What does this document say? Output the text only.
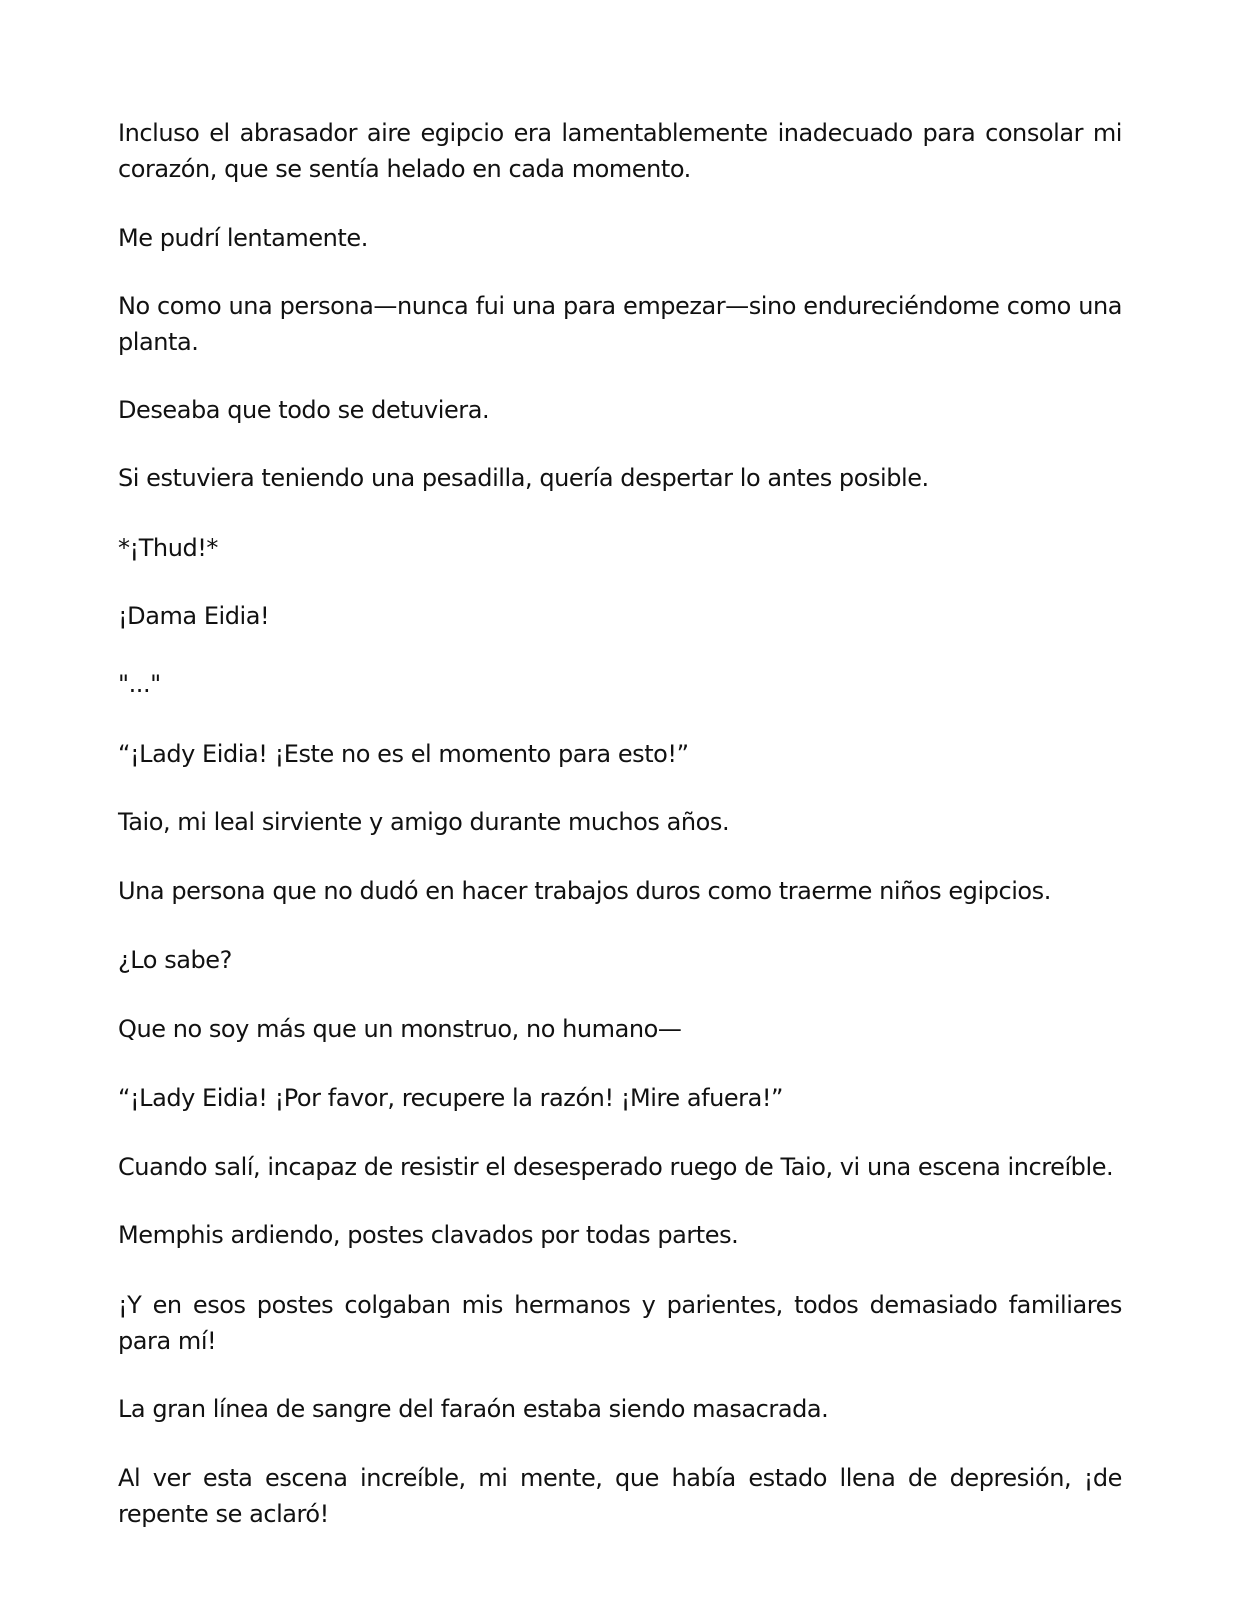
Incluso el abrasador aire egipcio era lamentablemente inadecuado para consolar mi corazón, que se sentía helado en cada momento.

Me pudrí lentamente.

No como una persona—nunca fui una para empezar—sino endureciéndome como una planta.

Deseaba que todo se detuviera.

Si estuviera teniendo una pesadilla, quería despertar lo antes posible.

*¡Thud!*

¡Dama Eidia!

"..."

“¡Lady Eidia! ¡Este no es el momento para esto!”

Taio, mi leal sirviente y amigo durante muchos años.

Una persona que no dudó en hacer trabajos duros como traerme niños egipcios.

¿Lo sabe?

Que no soy más que un monstruo, no humano—

“¡Lady Eidia! ¡Por favor, recupere la razón! ¡Mire afuera!”

Cuando salí, incapaz de resistir el desesperado ruego de Taio, vi una escena increíble.

Memphis ardiendo, postes clavados por todas partes.

¡Y en esos postes colgaban mis hermanos y parientes, todos demasiado familiares para mí!

La gran línea de sangre del faraón estaba siendo masacrada.

Al ver esta escena increíble, mi mente, que había estado llena de depresión, ¡de repente se aclaró!
